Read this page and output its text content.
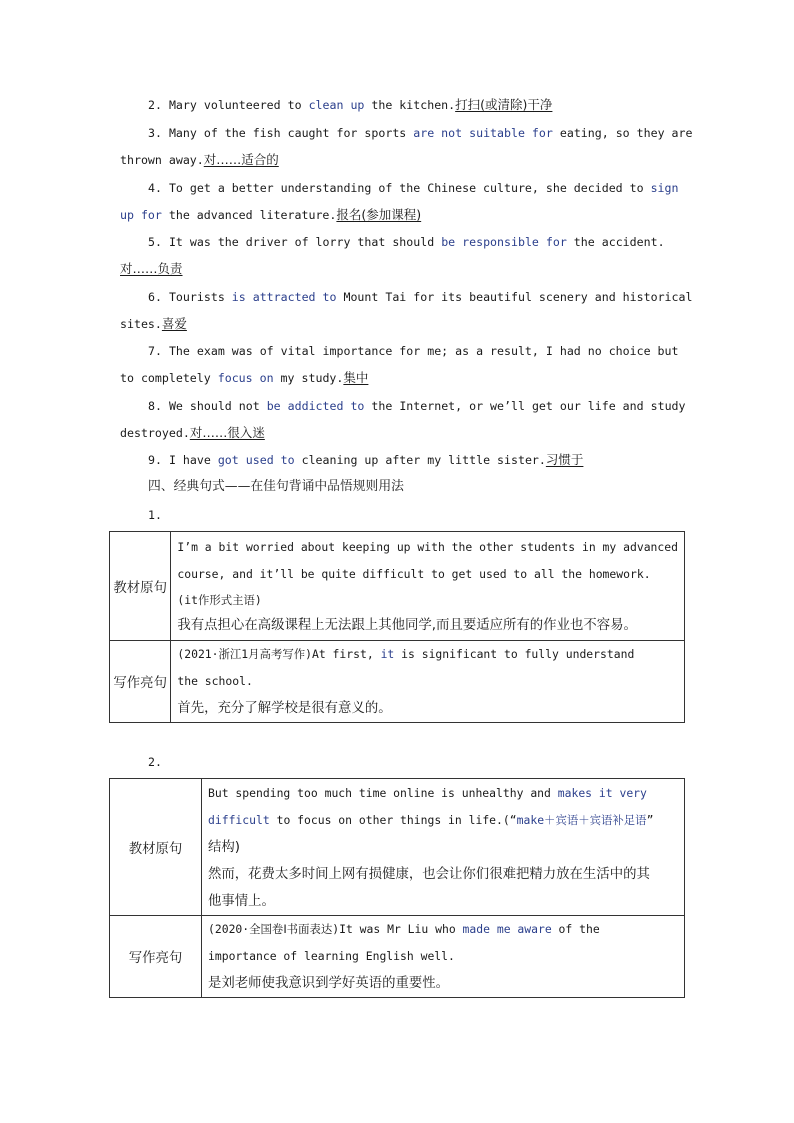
2. Mary volunteered to clean up the kitchen.打扫(或清除)干净
3. Many of the fish caught for sports are not suitable for eating, so they are
thrown away.对……适合的
4. To get a better understanding of the Chinese culture, she decided to sign
up for the advanced literature.报名(参加课程)
5. It was the driver of lorry that should be responsible for the accident.
对……负责
6. Tourists is attracted to Mount Tai for its beautiful scenery and historical
sites.喜爱
7. The exam was of vital importance for me; as a result, I had no choice but
to completely focus on my study.集中
8. We should not be addicted to the Internet, or we’ll get our life and study
destroyed.对……很入迷
9. I have got used to cleaning up after my little sister.习惯于
四、经典句式——在佳句背诵中品悟规则用法
1.
教材原句	I’m a bit worried about keeping up with the other students in my advanced
course, and it’ll be quite difficult to get used to all the homework.
(it作形式主语)
我有点担心在高级课程上无法跟上其他同学,而且要适应所有的作业也不容易。

写作亮句	(2021·浙江1月高考写作)At first, it is significant to fully understand
the school.
首先，充分了解学校是很有意义的。
2.
教材原句	But spending too much time online is unhealthy and makes it very
difficult to focus on other things in life.(“make＋宾语＋宾语补足语”
结构)
然而，花费太多时间上网有损健康，也会让你们很难把精力放在生活中的其
他事情上。

写作亮句	(2020·全国卷Ⅰ书面表达)It was Mr Liu who made me aware of the
importance of learning English well.
是刘老师使我意识到学好英语的重要性。
